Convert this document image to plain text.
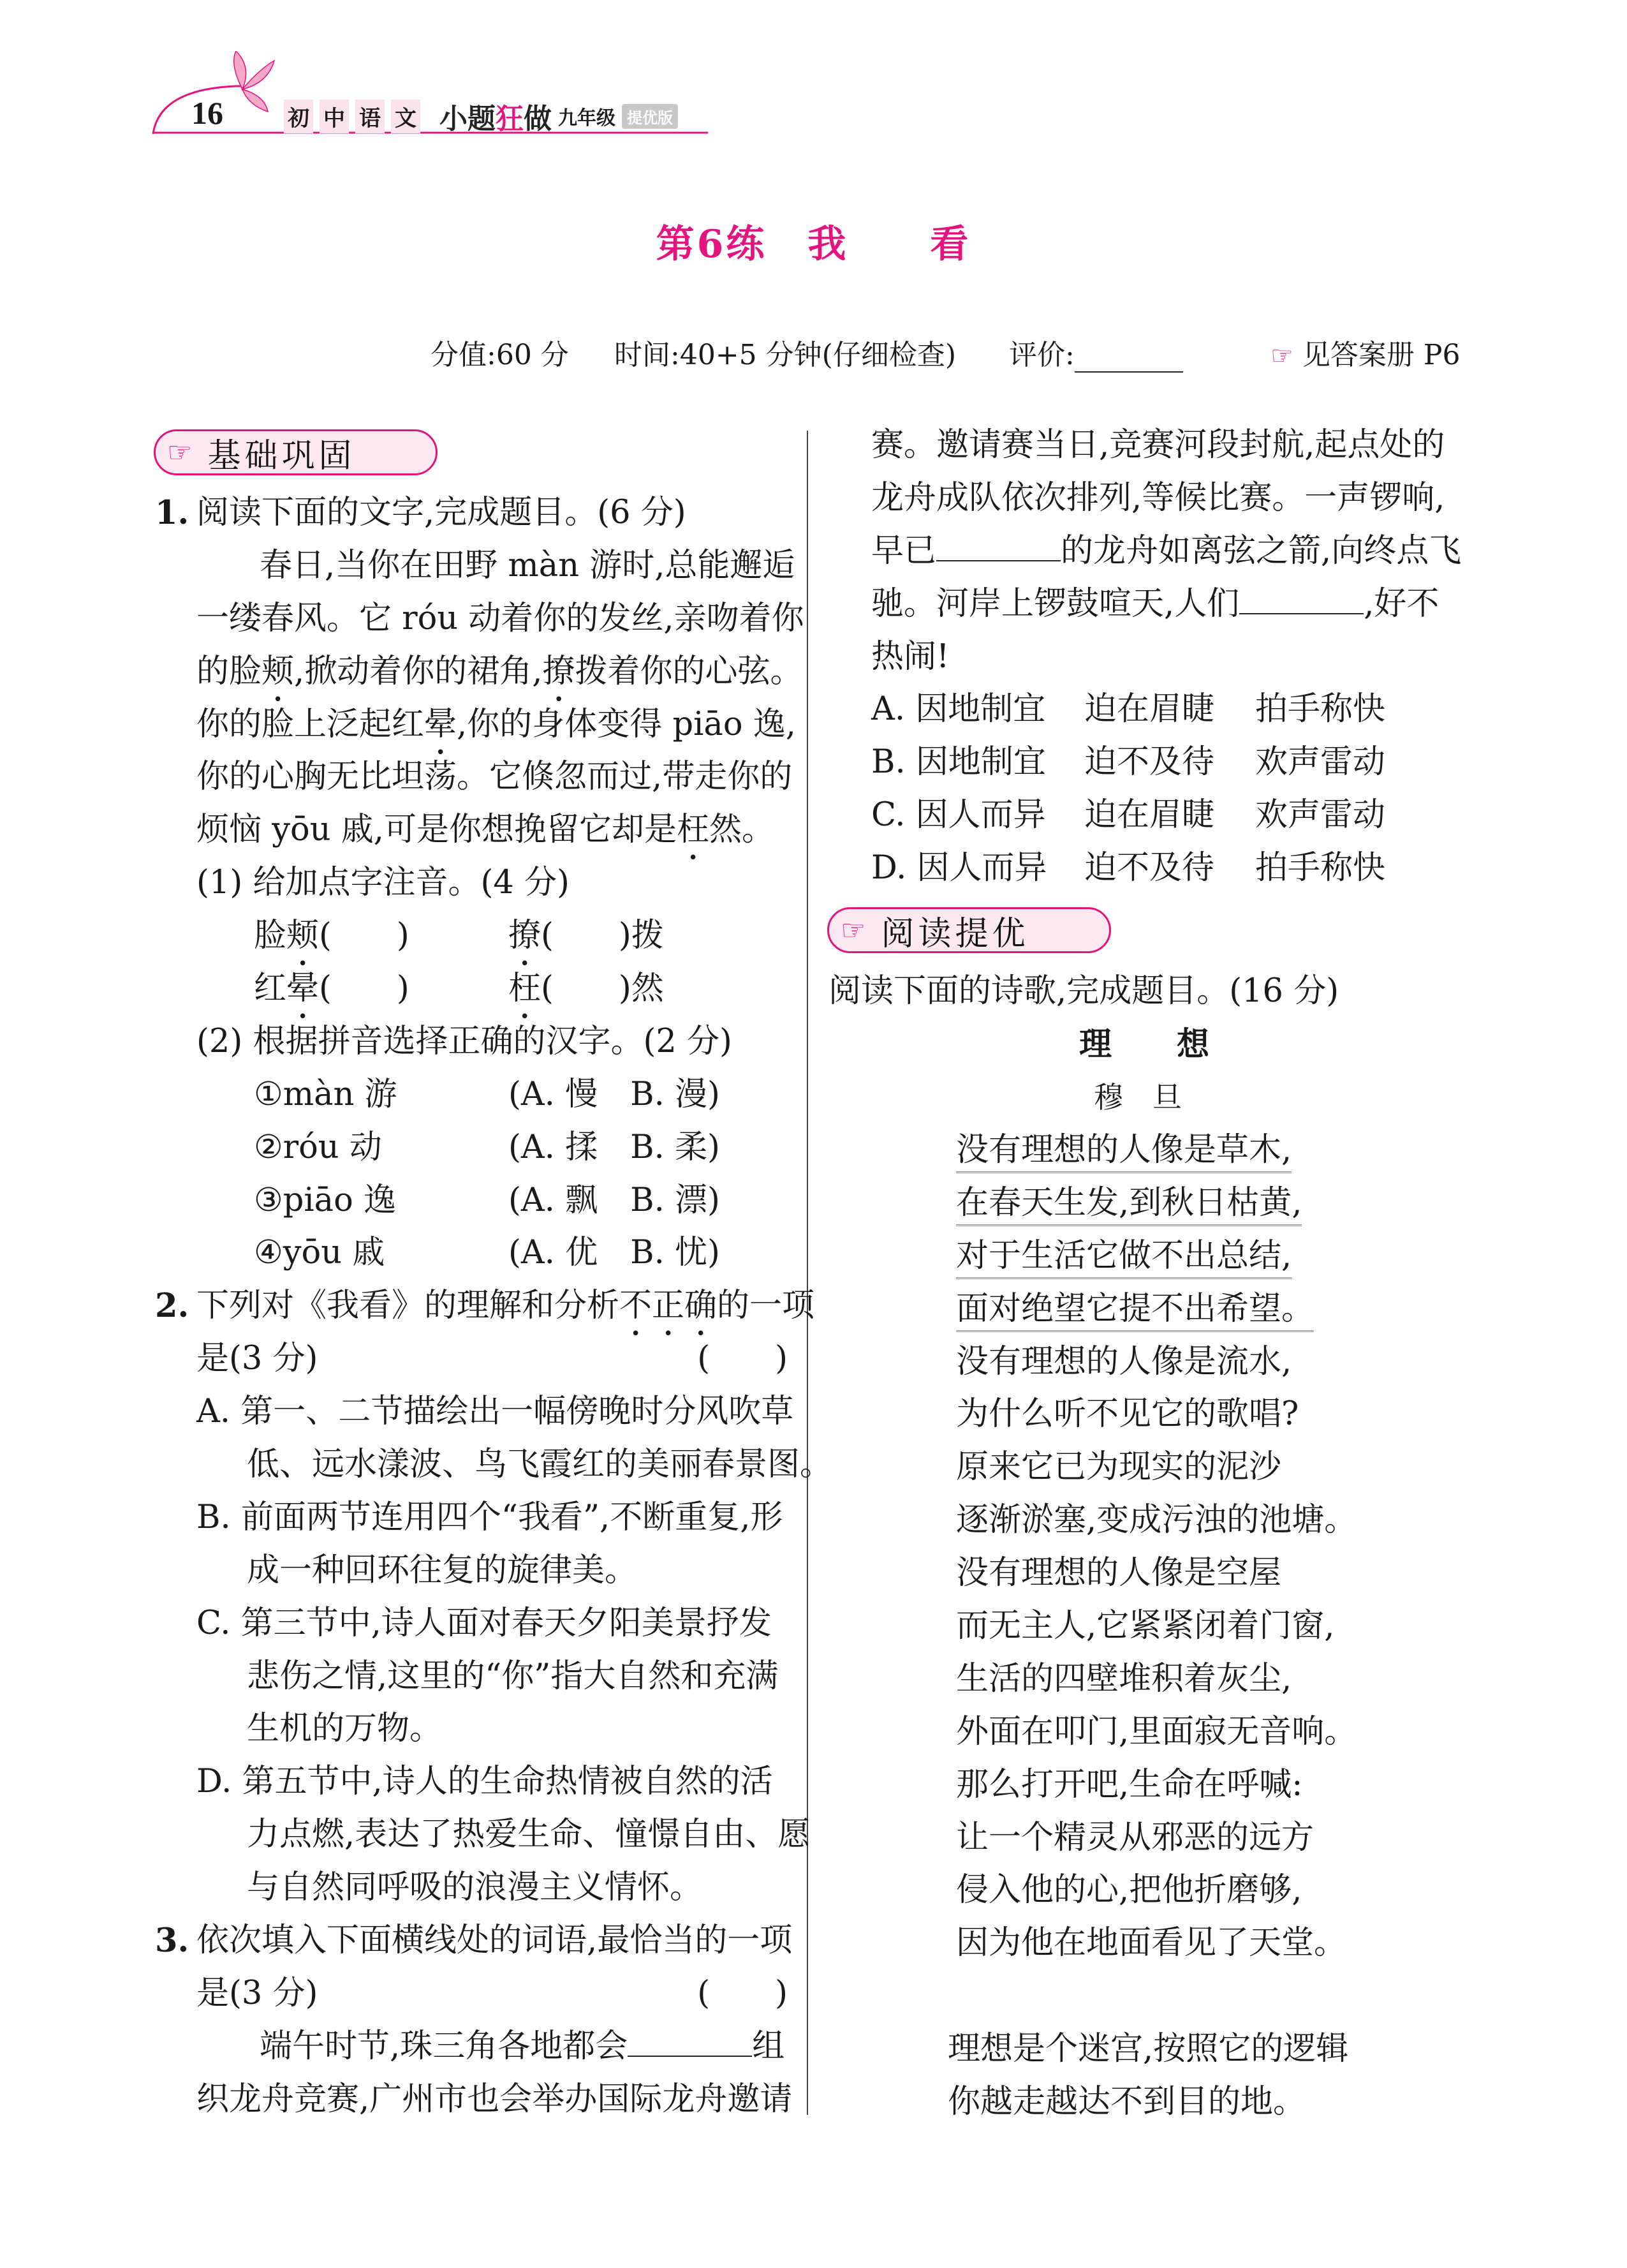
16	初 中 语 文 小题狂做 九年级 提优版
第6练　我　　看
分值:60 分 时间:40+5 分钟(仔细检查) 评价:	☞ 见答案册 P6
☞ 基础巩固
☞ 阅读提优
1. 阅读下面的文字,完成题目。(6 分)
春日,当你在田野 màn 游时,总能邂逅
一缕春风。它 róu 动着你的发丝,亲吻着你
的脸颊,掀动着你的裙角,撩拨着你的心弦。
你的脸上泛起红晕,你的身体变得 piāo 逸,
你的心胸无比坦荡。它倏忽而过,带走你的
烦恼 yōu 戚,可是你想挽留它却是枉然。
(1) 给加点字注音。(4 分)
脸颊(　　)	撩(　　)拨
红晕(　　)	枉(　　)然
(2) 根据拼音选择正确的汉字。(2 分)
①màn 游	(A. 慢　B. 漫)
②róu 动	(A. 揉　B. 柔)
③piāo 逸	(A. 飘　B. 漂)
④yōu 戚	(A. 优　B. 忧)
2. 下列对《我看》的理解和分析不正确的一项
是(3 分)	(　　)
A. 第一、二节描绘出一幅傍晚时分风吹草
低、远水漾波、鸟飞霞红的美丽春景图。
B. 前面两节连用四个“我看”,不断重复,形
成一种回环往复的旋律美。
C. 第三节中,诗人面对春天夕阳美景抒发
悲伤之情,这里的“你”指大自然和充满
生机的万物。
D. 第五节中,诗人的生命热情被自然的活
力点燃,表达了热爱生命、憧憬自由、愿
与自然同呼吸的浪漫主义情怀。
3. 依次填入下面横线处的词语,最恰当的一项
是(3 分)	(　　)
端午时节,珠三角各地都会	组
织龙舟竞赛,广州市也会举办国际龙舟邀请
赛。邀请赛当日,竞赛河段封航,起点处的
龙舟成队依次排列,等候比赛。一声锣响,
早已	的龙舟如离弦之箭,向终点飞
驰。河岸上锣鼓喧天,人们	,好不
热闹!
A. 因地制宜 迫在眉睫 拍手称快
B. 因地制宜 迫不及待 欢声雷动
C. 因人而异 迫在眉睫 欢声雷动
D. 因人而异 迫不及待 拍手称快
阅读下面的诗歌,完成题目。(16 分)
理　　想
穆　旦
没有理想的人像是草木,
在春天生发,到秋日枯黄,
对于生活它做不出总结,
面对绝望它提不出希望。
没有理想的人像是流水,
为什么听不见它的歌唱?
原来它已为现实的泥沙
逐渐淤塞,变成污浊的池塘。
没有理想的人像是空屋
而无主人,它紧紧闭着门窗,
生活的四壁堆积着灰尘,
外面在叩门,里面寂无音响。
那么打开吧,生命在呼喊:
让一个精灵从邪恶的远方
侵入他的心,把他折磨够,
因为他在地面看见了天堂。
理想是个迷宫,按照它的逻辑
你越走越达不到目的地。
